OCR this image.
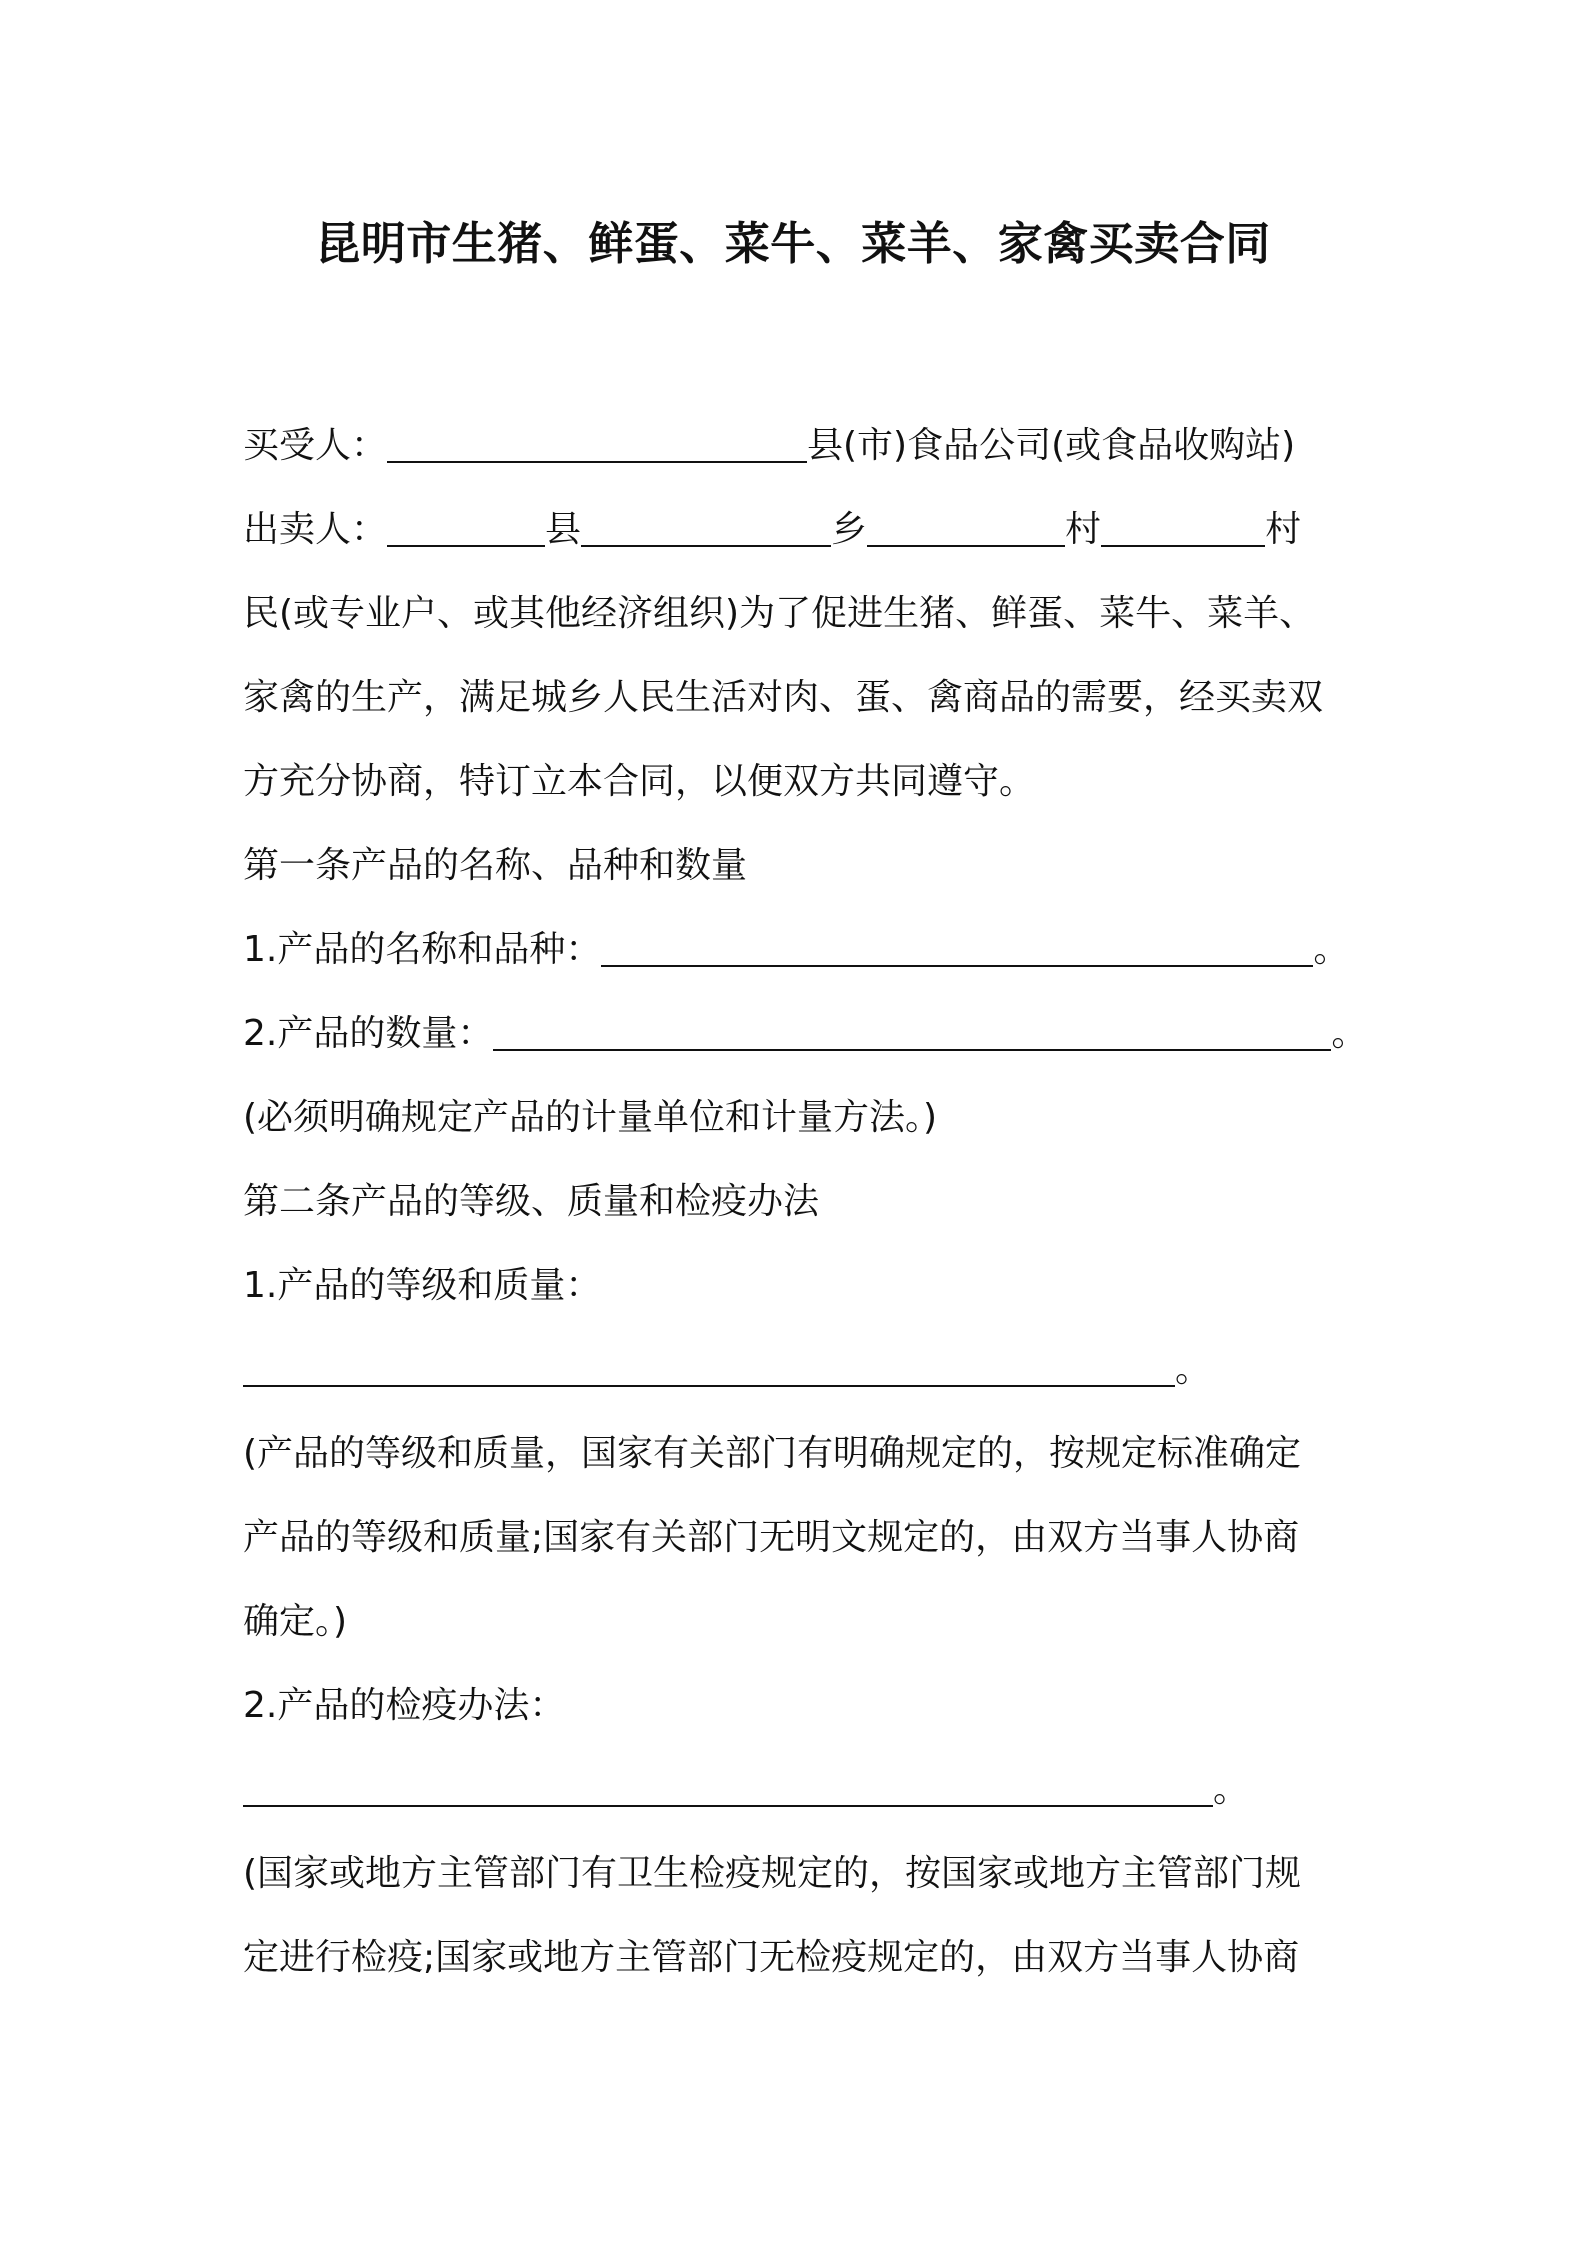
昆明市生猪、鲜蛋、菜牛、菜羊、家禽买卖合同

买受人：	县(市)食品公司(或食品收购站)

出卖人：	县	乡	村	村

民(或专业户、或其他经济组织)为了促进生猪、鲜蛋、菜牛、菜羊、

家禽的生产，满足城乡人民生活对肉、蛋、禽商品的需要，经买卖双

方充分协商，特订立本合同，以便双方共同遵守。

第一条产品的名称、品种和数量

1.产品的名称和品种：	。

2.产品的数量：	。

(必须明确规定产品的计量单位和计量方法。)

第二条产品的等级、质量和检疫办法

1.产品的等级和质量：

。

(产品的等级和质量，国家有关部门有明确规定的，按规定标准确定

产品的等级和质量;国家有关部门无明文规定的，由双方当事人协商

确定。)

2.产品的检疫办法：

。

(国家或地方主管部门有卫生检疫规定的，按国家或地方主管部门规

定进行检疫;国家或地方主管部门无检疫规定的，由双方当事人协商
